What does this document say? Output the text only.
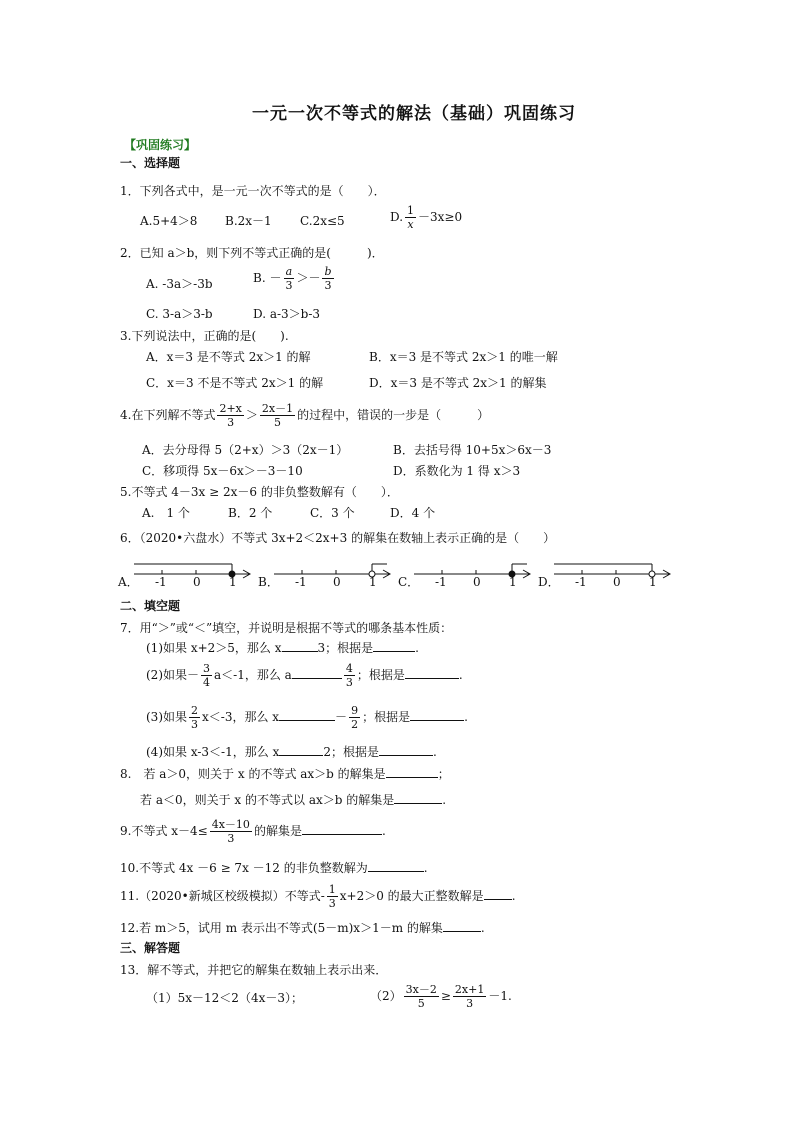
一元一次不等式的解法（基础）巩固练习
【巩固练习】
一、选择题
1．下列各式中，是一元一次不等式的是（　　）．
A.5+4＞8 B.2x－1 C.2x≤5	D. $\frac{1}{x} -3x\ge 0$
2．已知 a＞b，则下列不等式正确的是(　　　)．
A. -3a＞-3b	B. － $\frac{a}{3} >- \frac{b}{3}$
C. 3-a＞3-b	D. a-3＞b-3
3.下列说法中，正确的是(　　).
A．x＝3 是不等式 2x＞1 的解	B．x＝3 是不等式 2x＞1 的唯一解
C．x＝3 不是不等式 2x＞1 的解	D．x＝3 是不等式 2x＞1 的解集
4.在下列解不等式 $\frac{2+x}{3} > \frac{2x-1}{5}$ 的过程中，错误的一步是（　　　）
A．去分母得 5（2+x）＞3（2x－1）	B．去括号得 10+5x＞6x－3
C．移项得 5x－6x＞－3－10	D．系数化为 1 得 x＞3
5.不等式 4－3x ≥ 2x－6 的非负整数解有（　　）．
A.　1 个	B．2 个	C．3 个	D．4 个
6．（2020•六盘水）不等式 3x+2＜2x+3 的解集在数轴上表示正确的是（　　）
A． -1 0 1 B． -1 0 1 C． -1 0 1 D． -1 0 1
二、填空题
7．用“＞”或“＜”填空，并说明是根据不等式的哪条基本性质：
(1)如果 x+2＞5，那么 x	3；根据是	.
(2)如果－ $\frac{3}{4} a<-1$，那么 a	$\frac{4}{3}$ ；根据是	.
(3)如果 $\frac{2}{3} x<-3$，那么 x	－ $\frac{9}{2}$ ；根据是	.
(4)如果 x-3＜-1，那么 x	2；根据是	.
8.　若 a＞0，则关于 x 的不等式 ax＞b 的解集是	；
若 a＜0，则关于 x 的不等式以 ax＞b 的解集是	.
9.不等式 $x-4\le \frac{4x-10}{3}$ 的解集是	.
10.不等式 4x －6 ≥ 7x －12 的非负整数解为	.
11.（2020•新城区校级模拟）不等式- $\frac{1}{3} x+2>0$ 的最大正整数解是 .
12.若 m＞5，试用 m 表示出不等式(5－m)x＞1－m 的解集	.
三、解答题
13．解不等式，并把它的解集在数轴上表示出来．
（1）5x－12＜2（4x－3）；	$(2) \frac{3x-2}{5} \ge \frac{2x+1}{3} -1$.
